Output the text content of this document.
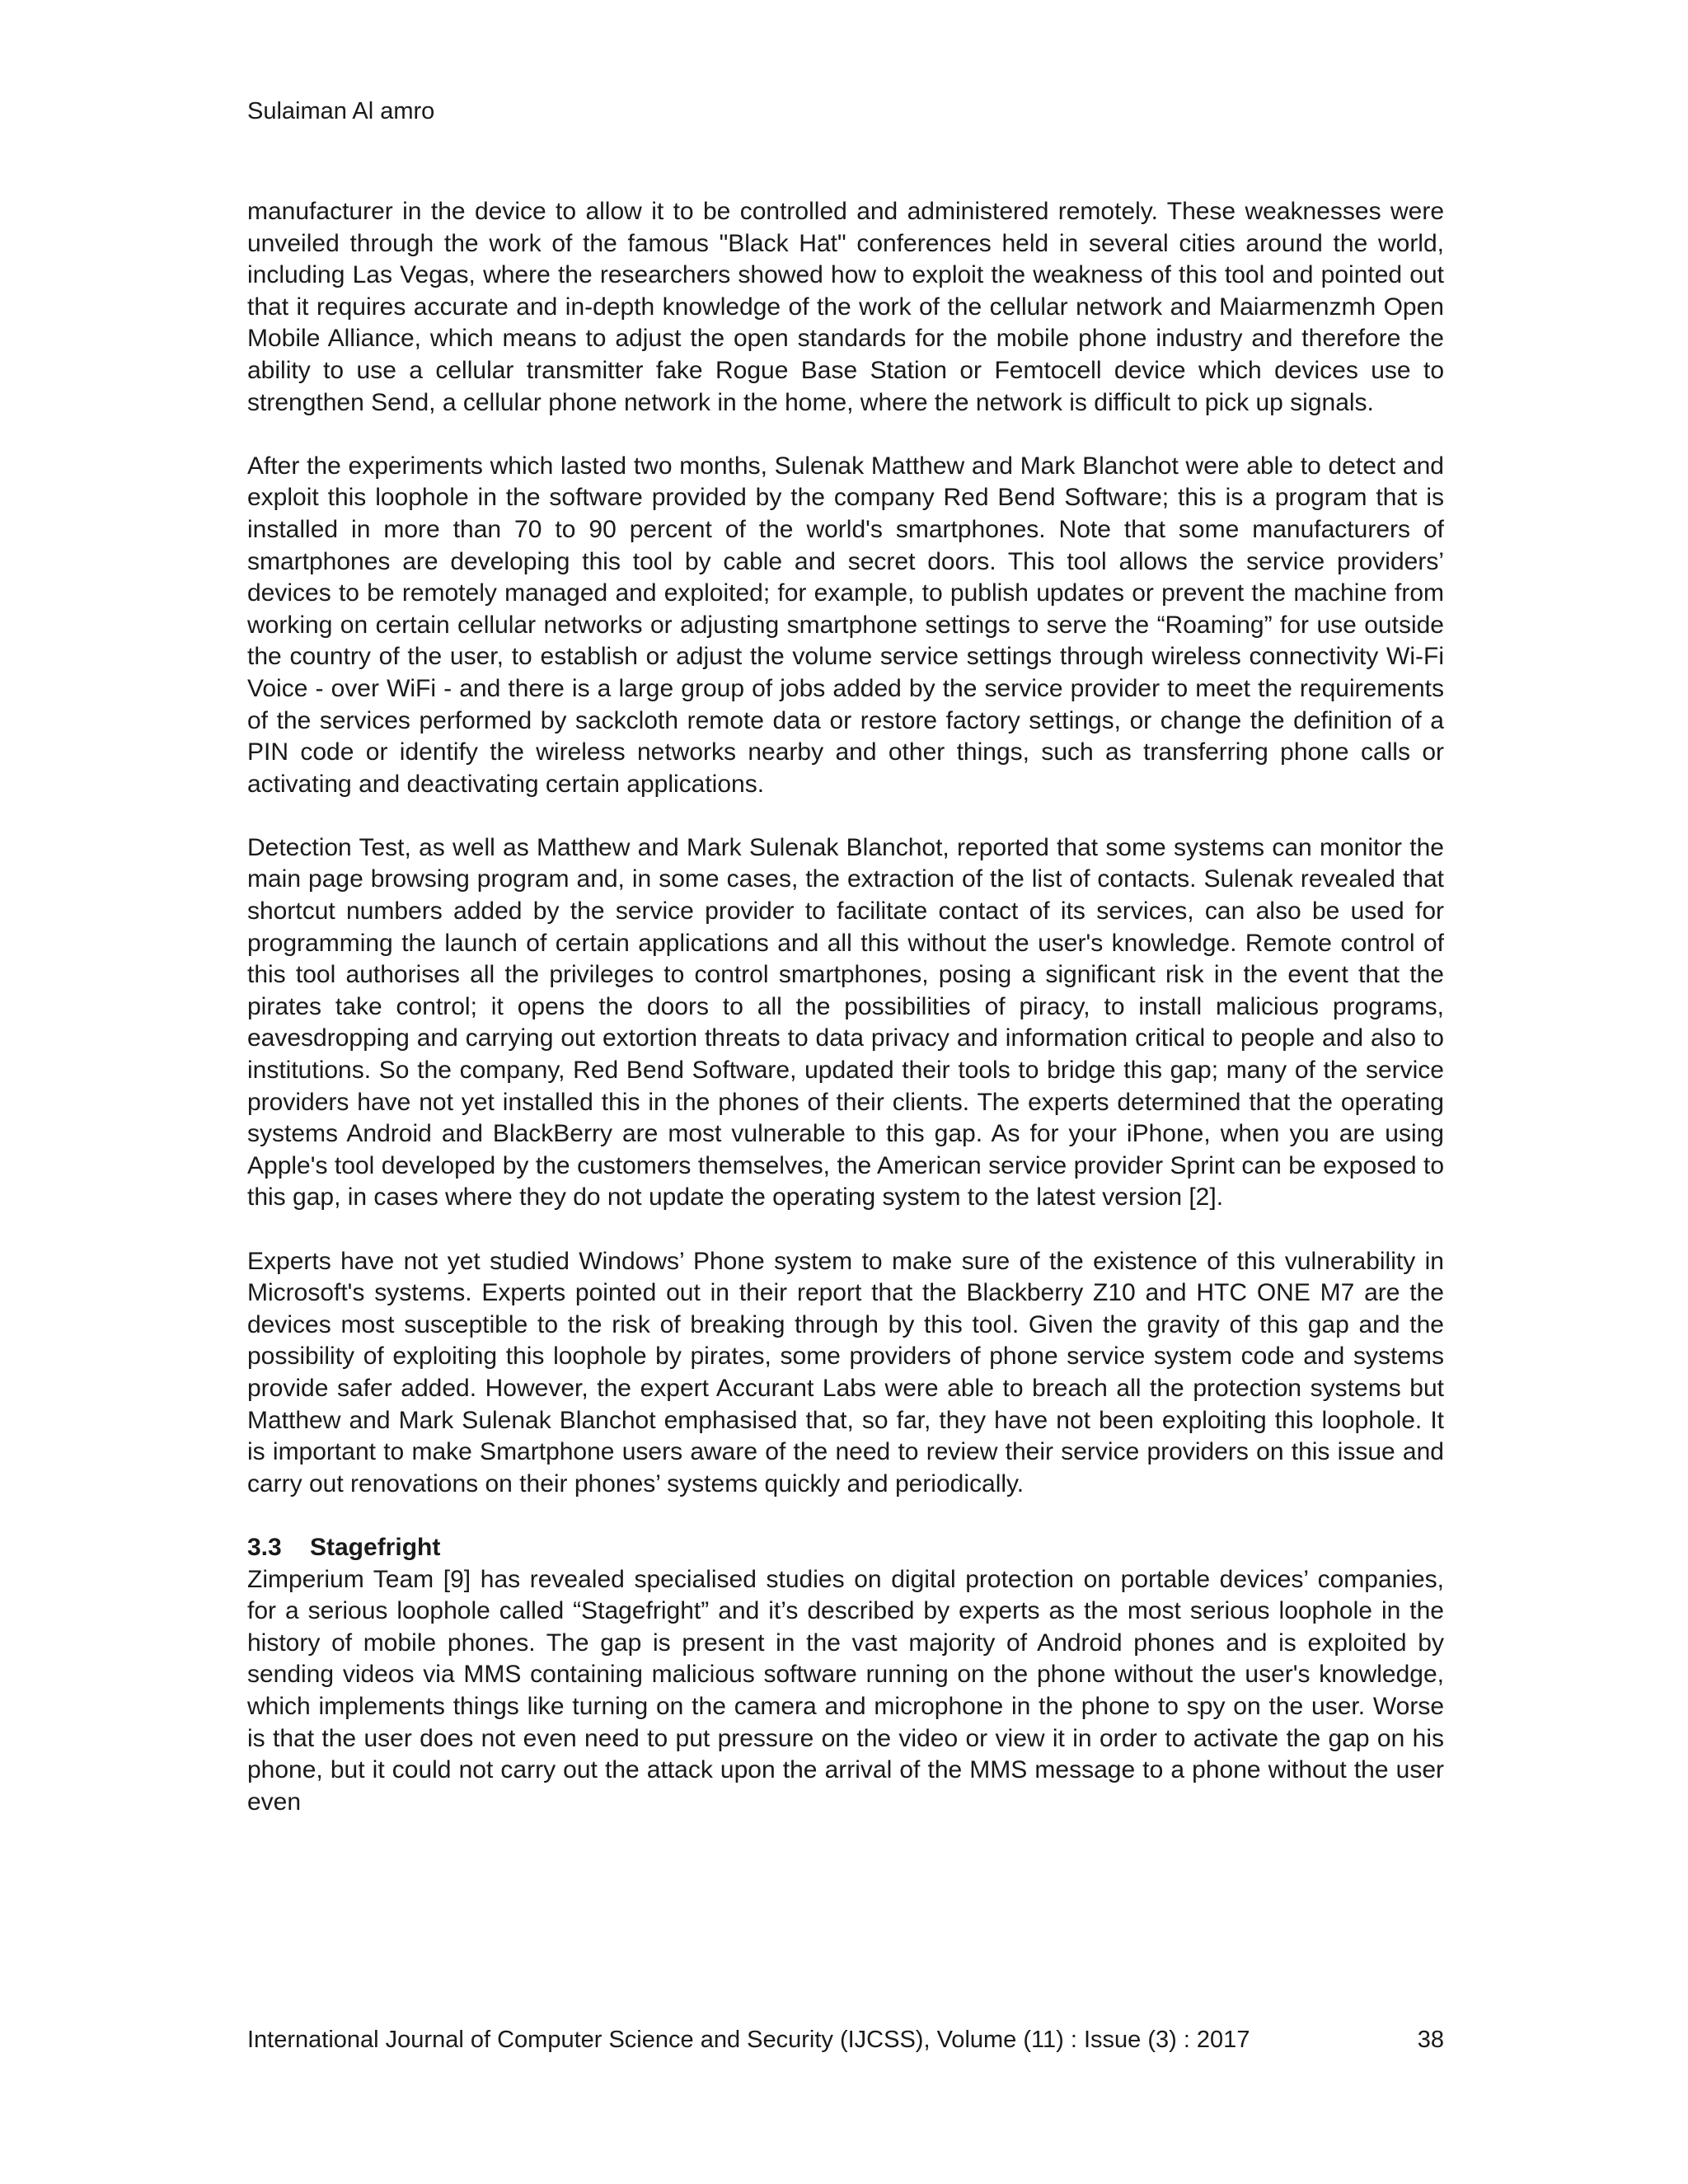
Sulaiman Al amro

manufacturer in the device to allow it to be controlled and administered remotely. These weaknesses were unveiled through the work of the famous "Black Hat" conferences held in several cities around the world, including Las Vegas, where the researchers showed how to exploit the weakness of this tool and pointed out that it requires accurate and in-depth knowledge of the work of the cellular network and Maiarmenzmh Open Mobile Alliance, which means to adjust the open standards for the mobile phone industry and therefore the ability to use a cellular transmitter fake Rogue Base Station or Femtocell device which devices use to strengthen Send, a cellular phone network in the home, where the network is difficult to pick up signals.

After the experiments which lasted two months, Sulenak Matthew and Mark Blanchot were able to detect and exploit this loophole in the software provided by the company Red Bend Software; this is a program that is installed in more than 70 to 90 percent of the world's smartphones. Note that some manufacturers of smartphones are developing this tool by cable and secret doors. This tool allows the service providers’ devices to be remotely managed and exploited; for example, to publish updates or prevent the machine from working on certain cellular networks or adjusting smartphone settings to serve the “Roaming” for use outside the country of the user, to establish or adjust the volume service settings through wireless connectivity Wi-Fi Voice - over WiFi - and there is a large group of jobs added by the service provider to meet the requirements of the services performed by sackcloth remote data or restore factory settings, or change the definition of a PIN code or identify the wireless networks nearby and other things, such as transferring phone calls or activating and deactivating certain applications.

Detection Test, as well as Matthew and Mark Sulenak Blanchot, reported that some systems can monitor the main page browsing program and, in some cases, the extraction of the list of contacts. Sulenak revealed that shortcut numbers added by the service provider to facilitate contact of its services, can also be used for programming the launch of certain applications and all this without the user's knowledge. Remote control of this tool authorises all the privileges to control smartphones, posing a significant risk in the event that the pirates take control; it opens the doors to all the possibilities of piracy, to install malicious programs, eavesdropping and carrying out extortion threats to data privacy and information critical to people and also to institutions. So the company, Red Bend Software, updated their tools to bridge this gap; many of the service providers have not yet installed this in the phones of their clients. The experts determined that the operating systems Android and BlackBerry are most vulnerable to this gap. As for your iPhone, when you are using Apple's tool developed by the customers themselves, the American service provider Sprint can be exposed to this gap, in cases where they do not update the operating system to the latest version [2].

Experts have not yet studied Windows’ Phone system to make sure of the existence of this vulnerability in Microsoft's systems. Experts pointed out in their report that the Blackberry Z10 and HTC ONE M7 are the devices most susceptible to the risk of breaking through by this tool. Given the gravity of this gap and the possibility of exploiting this loophole by pirates, some providers of phone service system code and systems provide safer added. However, the expert Accurant Labs were able to breach all the protection systems but Matthew and Mark Sulenak Blanchot emphasised that, so far, they have not been exploiting this loophole. It is important to make Smartphone users aware of the need to review their service providers on this issue and carry out renovations on their phones’ systems quickly and periodically.

3.3 Stagefright

Zimperium Team [9] has revealed specialised studies on digital protection on portable devices’ companies, for a serious loophole called “Stagefright” and it’s described by experts as the most serious loophole in the history of mobile phones. The gap is present in the vast majority of Android phones and is exploited by sending videos via MMS containing malicious software running on the phone without the user's knowledge, which implements things like turning on the camera and microphone in the phone to spy on the user. Worse is that the user does not even need to put pressure on the video or view it in order to activate the gap on his phone, but it could not carry out the attack upon the arrival of the MMS message to a phone without the user even

International Journal of Computer Science and Security (IJCSS), Volume (11) : Issue (3) : 2017	38
